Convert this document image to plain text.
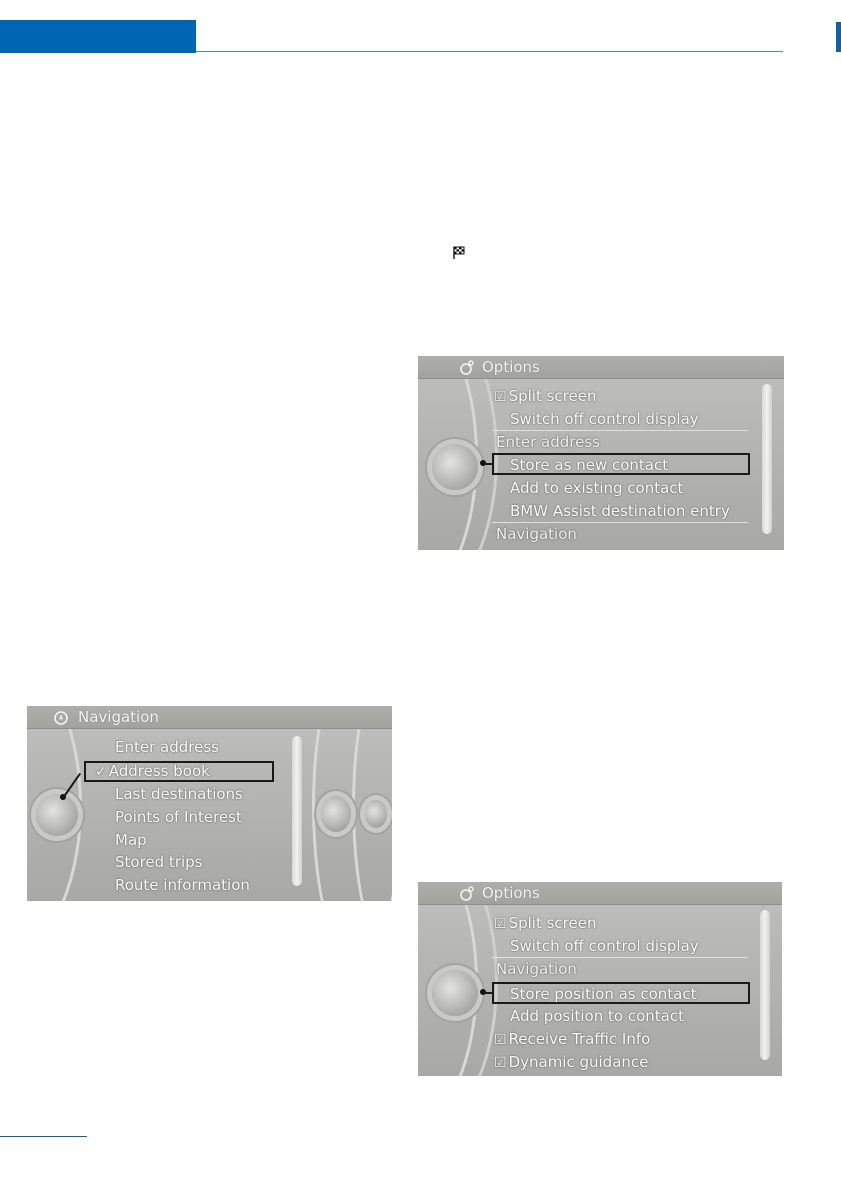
Options
☑ Split screen
Switch off control display
Enter address
Store as new contact
Add to existing contact
BMW Assist destination entry
Navigation
Navigation
Enter address
✓ Address book
Last destinations
Points of Interest
Map
Stored trips
Route information	Options
☑ Split screen
Switch off control display
Navigation
Store position as contact
Add position to contact
☑ Receive Traffic Info
☑ Dynamic guidance
